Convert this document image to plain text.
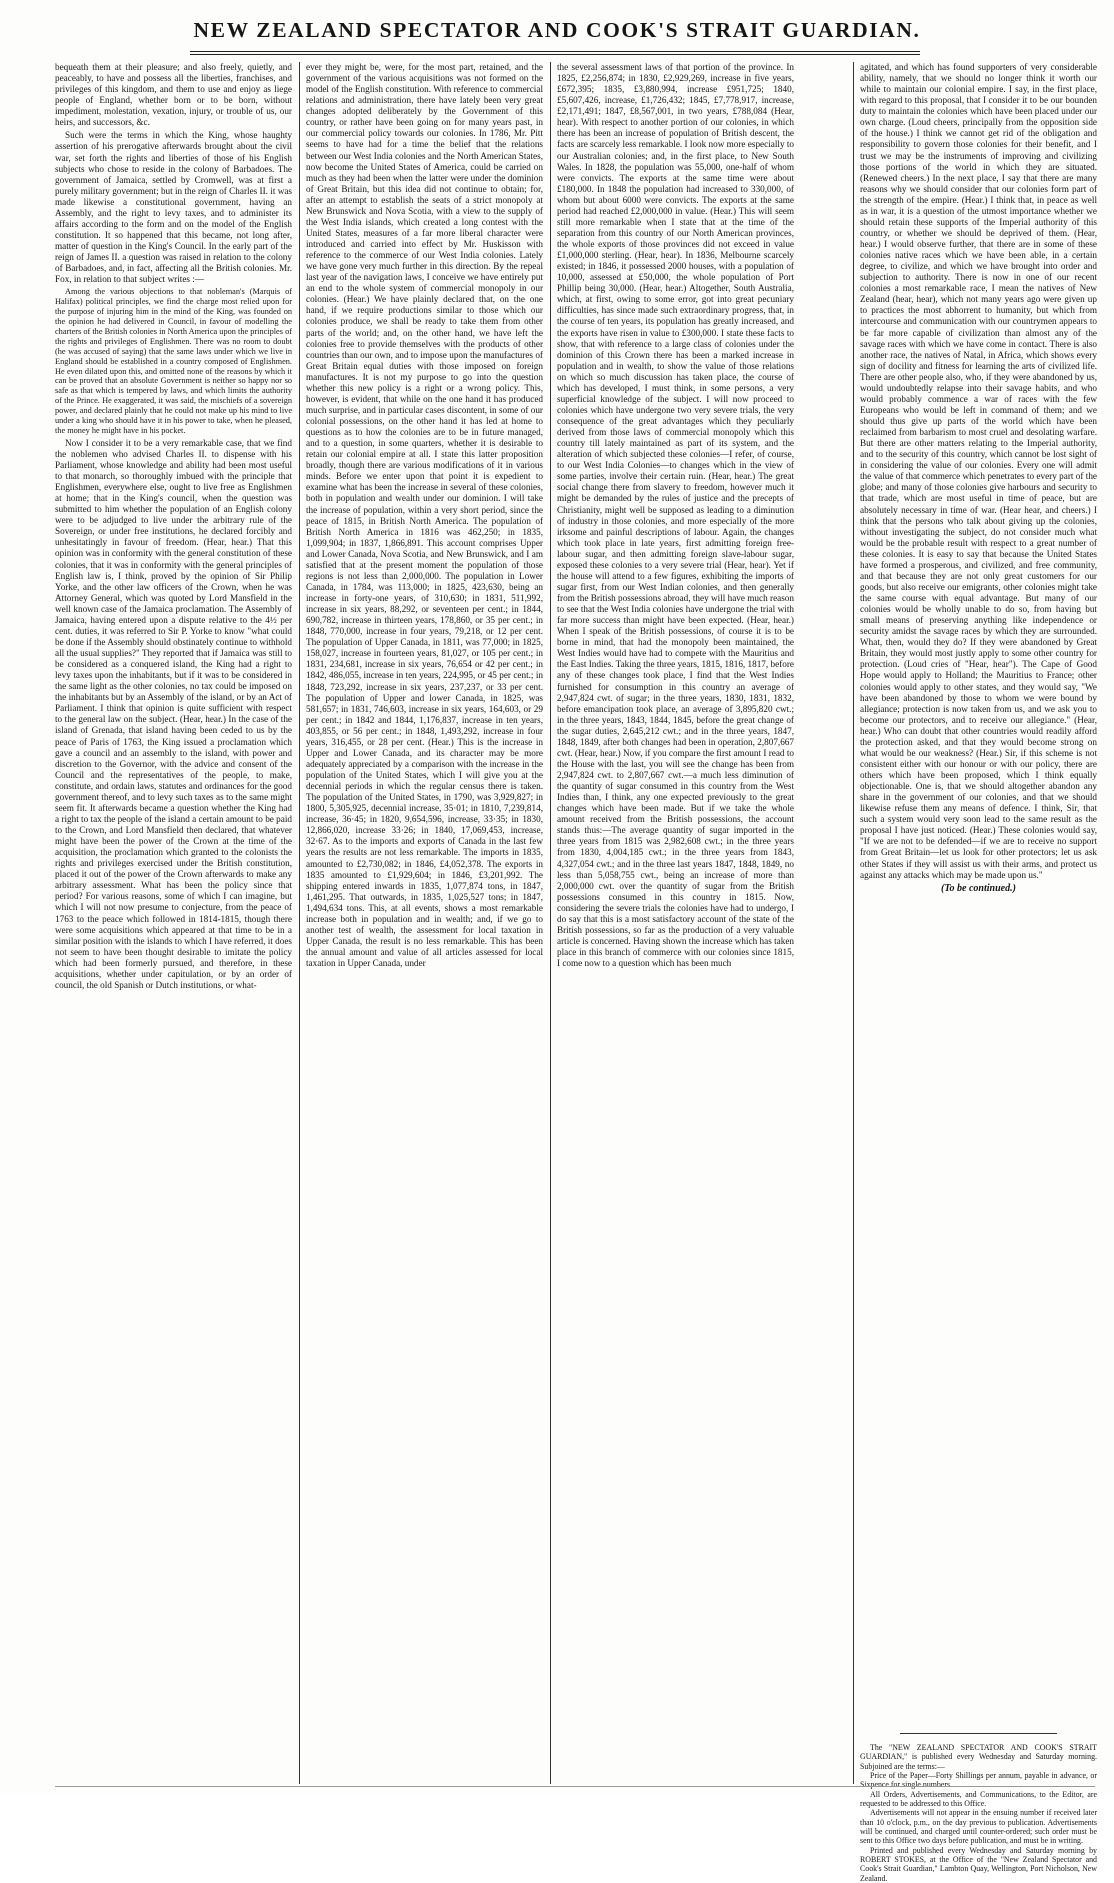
NEW ZEALAND SPECTATOR AND COOK'S STRAIT GUARDIAN.

bequeath them at their pleasure; and also freely, quietly, and peaceably, to have and possess all the liberties, franchises, and privileges of this kingdom, and them to use and enjoy as liege people of England, whether born or to be born, without impediment, molestation, vexation, injury, or trouble of us, our heirs, and successors, &c.

Such were the terms in which the King, whose haughty assertion of his prerogative afterwards brought about the civil war, set forth the rights and liberties of those of his English subjects who chose to reside in the colony of Barbadoes. The government of Jamaica, settled by Cromwell, was at first a purely military government; but in the reign of Charles II. it was made likewise a constitutional government, having an Assembly, and the right to levy taxes, and to administer its affairs according to the form and on the model of the English constitution. It so happened that this became, not long after, matter of question in the King's Council. In the early part of the reign of James II. a question was raised in relation to the colony of Barbadoes, and, in fact, affecting all the British colonies. Mr. Fox, in relation to that subject writes :—

Among the various objections to that nobleman's (Marquis of Halifax) political principles, we find the charge most relied upon for the purpose of injuring him in the mind of the King, was founded on the opinion he had delivered in Council, in favour of modelling the charters of the British colonies in North America upon the principles of the rights and privileges of Englishmen. There was no room to doubt (he was accused of saying) that the same laws under which we live in England should be established in a country composed of Englishmen. He even dilated upon this, and omitted none of the reasons by which it can be proved that an absolute Government is neither so happy nor so safe as that which is tempered by laws, and which limits the authority of the Prince. He exaggerated, it was said, the mischiefs of a sovereign power, and declared plainly that he could not make up his mind to live under a king who should have it in his power to take, when he pleased, the money he might have in his pocket.

Now I consider it to be a very remarkable case, that we find the noblemen who advised Charles II. to dispense with his Parliament, whose knowledge and ability had been most useful to that monarch, so thoroughly imbued with the principle that Englishmen, everywhere else, ought to live free as Englishmen at home; that in the King's council, when the question was submitted to him whether the population of an English colony were to be adjudged to live under the arbitrary rule of the Sovereign, or under free institutions, he declared forcibly and unhesitatingly in favour of freedom. (Hear, hear.) That this opinion was in conformity with the general constitution of these colonies, that it was in conformity with the general principles of English law is, I think, proved by the opinion of Sir Philip Yorke, and the other law officers of the Crown, when he was Attorney General, which was quoted by Lord Mansfield in the well known case of the Jamaica proclamation. The Assembly of Jamaica, having entered upon a dispute relative to the 4½ per cent. duties, it was referred to Sir P. Yorke to know "what could be done if the Assembly should obstinately continue to withhold all the usual supplies?" They reported that if Jamaica was still to be considered as a conquered island, the King had a right to levy taxes upon the inhabitants, but if it was to be considered in the same light as the other colonies, no tax could be imposed on the inhabitants but by an Assembly of the island, or by an Act of Parliament. I think that opinion is quite sufficient with respect to the general law on the subject. (Hear, hear.) In the case of the island of Grenada, that island having been ceded to us by the peace of Paris of 1763, the King issued a proclamation which gave a council and an assembly to the island, with power and discretion to the Governor, with the advice and consent of the Council and the representatives of the people, to make, constitute, and ordain laws, statutes and ordinances for the good government thereof, and to levy such taxes as to the same might seem fit. It afterwards became a question whether the King had a right to tax the people of the island a certain amount to be paid to the Crown, and Lord Mansfield then declared, that whatever might have been the power of the Crown at the time of the acquisition, the proclamation which granted to the colonists the rights and privileges exercised under the British constitution, placed it out of the power of the Crown afterwards to make any arbitrary assessment. What has been the policy since that period? For various reasons, some of which I can imagine, but which I will not now presume to conjecture, from the peace of 1763 to the peace which followed in 1814-1815, though there were some acquisitions which appeared at that time to be in a similar position with the islands to which I have referred, it does not seem to have been thought desirable to imitate the policy which had been formerly pursued, and therefore, in these acquisitions, whether under capitulation, or by an order of council, the old Spanish or Dutch institutions, or what-

ever they might be, were, for the most part, retained, and the government of the various acquisitions was not formed on the model of the English constitution. With reference to commercial relations and administration, there have lately been very great changes adopted deliberately by the Government of this country, or rather have been going on for many years past, in our commercial policy towards our colonies. In 1786, Mr. Pitt seems to have had for a time the belief that the relations between our West India colonies and the North American States, now become the United States of America, could be carried on much as they had been when the latter were under the dominion of Great Britain, but this idea did not continue to obtain; for, after an attempt to establish the seats of a strict monopoly at New Brunswick and Nova Scotia, with a view to the supply of the West India islands, which created a long contest with the United States, measures of a far more liberal character were introduced and carried into effect by Mr. Huskisson with reference to the commerce of our West India colonies. Lately we have gone very much further in this direction. By the repeal last year of the navigation laws, I conceive we have entirely put an end to the whole system of commercial monopoly in our colonies. (Hear.) We have plainly declared that, on the one hand, if we require productions similar to those which our colonies produce, we shall be ready to take them from other parts of the world; and, on the other hand, we have left the colonies free to provide themselves with the products of other countries than our own, and to impose upon the manufactures of Great Britain equal duties with those imposed on foreign manufactures. It is not my purpose to go into the question whether this new policy is a right or a wrong policy. This, however, is evident, that while on the one hand it has produced much surprise, and in particular cases discontent, in some of our colonial possessions, on the other hand it has led at home to questions as to how the colonies are to be in future managed, and to a question, in some quarters, whether it is desirable to retain our colonial empire at all. I state this latter proposition broadly, though there are various modifications of it in various minds. Before we enter upon that point it is expedient to examine what has been the increase in several of these colonies, both in population and wealth under our dominion. I will take the increase of population, within a very short period, since the peace of 1815, in British North America. The population of British North America in 1816 was 462,250; in 1835, 1,099,904; in 1837, 1,866,891. This account comprises Upper and Lower Canada, Nova Scotia, and New Brunswick, and I am satisfied that at the present moment the population of those regions is not less than 2,000,000. The population in Lower Canada, in 1784, was 113,000; in 1825, 423,630, being an increase in forty-one years, of 310,630; in 1831, 511,992, increase in six years, 88,292, or seventeen per cent.; in 1844, 690,782, increase in thirteen years, 178,860, or 35 per cent.; in 1848, 770,000, increase in four years, 79,218, or 12 per cent. The population of Upper Canada, in 1811, was 77,000; in 1825, 158,027, increase in fourteen years, 81,027, or 105 per cent.; in 1831, 234,681, increase in six years, 76,654 or 42 per cent.; in 1842, 486,055, increase in ten years, 224,995, or 45 per cent.; in 1848, 723,292, increase in six years, 237,237, or 33 per cent. The population of Upper and lower Canada, in 1825, was 581,657; in 1831, 746,603, increase in six years, 164,603, or 29 per cent.; in 1842 and 1844, 1,176,837, increase in ten years, 403,855, or 56 per cent.; in 1848, 1,493,292, increase in four years, 316,455, or 28 per cent. (Hear.) This is the increase in Upper and Lower Canada, and its character may be more adequately appreciated by a comparison with the increase in the population of the United States, which I will give you at the decennial periods in which the regular census there is taken. The population of the United States, in 1790, was 3,929,827; in 1800, 5,305,925, decennial increase, 35·01; in 1810, 7,239,814, increase, 36·45; in 1820, 9,654,596, increase, 33·35; in 1830, 12,866,020, increase 33·26; in 1840, 17,069,453, increase, 32·67. As to the imports and exports of Canada in the last few years the results are not less remarkable. The imports in 1835, amounted to £2,730,082; in 1846, £4,052,378. The exports in 1835 amounted to £1,929,604; in 1846, £3,201,992. The shipping entered inwards in 1835, 1,077,874 tons, in 1847, 1,461,295. That outwards, in 1835, 1,025,527 tons; in 1847, 1,494,634 tons. This, at all events, shows a most remarkable increase both in population and in wealth; and, if we go to another test of wealth, the assessment for local taxation in Upper Canada, the result is no less remarkable. This has been the annual amount and value of all articles assessed for local taxation in Upper Canada, under

the several assessment laws of that portion of the province. In 1825, £2,256,874; in 1830, £2,929,269, increase in five years, £672,395; 1835, £3,880,994, increase £951,725; 1840, £5,607,426, increase, £1,726,432; 1845, £7,778,917, increase, £2,171,491; 1847, £8,567,001, in two years, £788,084 (Hear, hear). With respect to another portion of our colonies, in which there has been an increase of population of British descent, the facts are scarcely less remarkable. I look now more especially to our Australian colonies; and, in the first place, to New South Wales. In 1828, the population was 55,000, one-half of whom were convicts. The exports at the same time were about £180,000. In 1848 the population had increased to 330,000, of whom but about 6000 were convicts. The exports at the same period had reached £2,000,000 in value. (Hear.) This will seem still more remarkable when I state that at the time of the separation from this country of our North American provinces, the whole exports of those provinces did not exceed in value £1,000,000 sterling. (Hear, hear). In 1836, Melbourne scarcely existed; in 1846, it possessed 2000 houses, with a population of 10,000, assessed at £50,000, the whole population of Port Phillip being 30,000. (Hear, hear.) Altogether, South Australia, which, at first, owing to some error, got into great pecuniary difficulties, has since made such extraordinary progress, that, in the course of ten years, its population has greatly increased, and the exports have risen in value to £300,000. I state these facts to show, that with reference to a large class of colonies under the dominion of this Crown there has been a marked increase in population and in wealth, to show the value of those relations on which so much discussion has taken place, the course of which has developed, I must think, in some persons, a very superficial knowledge of the subject. I will now proceed to colonies which have undergone two very severe trials, the very consequence of the great advantages which they peculiarly derived from those laws of commercial monopoly which this country till lately maintained as part of its system, and the alteration of which subjected these colonies—I refer, of course, to our West India Colonies—to changes which in the view of some parties, involve their certain ruin. (Hear, hear.) The great social change there from slavery to freedom, however much it might be demanded by the rules of justice and the precepts of Christianity, might well be supposed as leading to a diminution of industry in those colonies, and more especially of the more irksome and painful descriptions of labour. Again, the changes which took place in late years, first admitting foreign free-labour sugar, and then admitting foreign slave-labour sugar, exposed these colonies to a very severe trial (Hear, hear). Yet if the house will attend to a few figures, exhibiting the imports of sugar first, from our West Indian colonies, and then generally from the British possessions abroad, they will have much reason to see that the West India colonies have undergone the trial with far more success than might have been expected. (Hear, hear.) When I speak of the British possessions, of course it is to be borne in mind, that had the monopoly been maintained, the West Indies would have had to compete with the Mauritius and the East Indies. Taking the three years, 1815, 1816, 1817, before any of these changes took place, I find that the West Indies furnished for consumption in this country an average of 2,947,824 cwt. of sugar; in the three years, 1830, 1831, 1832, before emancipation took place, an average of 3,895,820 cwt.; in the three years, 1843, 1844, 1845, before the great change of the sugar duties, 2,645,212 cwt.; and in the three years, 1847, 1848, 1849, after both changes had been in operation, 2,807,667 cwt. (Hear, hear.) Now, if you compare the first amount I read to the House with the last, you will see the change has been from 2,947,824 cwt. to 2,807,667 cwt.—a much less diminution of the quantity of sugar consumed in this country from the West Indies than, I think, any one expected previously to the great changes which have been made. But if we take the whole amount received from the British possessions, the account stands thus:—The average quantity of sugar imported in the three years from 1815 was 2,982,608 cwt.; in the three years from 1830, 4,004,185 cwt.; in the three years from 1843, 4,327,054 cwt.; and in the three last years 1847, 1848, 1849, no less than 5,058,755 cwt., being an increase of more than 2,000,000 cwt. over the quantity of sugar from the British possessions consumed in this country in 1815. Now, considering the severe trials the colonies have had to undergo, I do say that this is a most satisfactory account of the state of the British possessions, so far as the production of a very valuable article is concerned. Having shown the increase which has taken place in this branch of commerce with our colonies since 1815, I come now to a question which has been much

agitated, and which has found supporters of very considerable ability, namely, that we should no longer think it worth our while to maintain our colonial empire. I say, in the first place, with regard to this proposal, that I consider it to be our bounden duty to maintain the colonies which have been placed under our own charge. (Loud cheers, principally from the opposition side of the house.) I think we cannot get rid of the obligation and responsibility to govern those colonies for their benefit, and I trust we may be the instruments of improving and civilizing those portions of the world in which they are situated. (Renewed cheers.) In the next place, I say that there are many reasons why we should consider that our colonies form part of the strength of the empire. (Hear.) I think that, in peace as well as in war, it is a question of the utmost importance whether we should retain these supports of the Imperial authority of this country, or whether we should be deprived of them. (Hear, hear.) I would observe further, that there are in some of these colonies native races which we have been able, in a certain degree, to civilize, and which we have brought into order and subjection to authority. There is now in one of our recent colonies a most remarkable race, I mean the natives of New Zealand (hear, hear), which not many years ago were given up to practices the most abhorrent to humanity, but which from intercourse and communication with our countrymen appears to be far more capable of civilization than almost any of the savage races with which we have come in contact. There is also another race, the natives of Natal, in Africa, which shows every sign of docility and fitness for learning the arts of civilized life. There are other people also, who, if they were abandoned by us, would undoubtedly relapse into their savage habits, and who would probably commence a war of races with the few Europeans who would be left in command of them; and we should thus give up parts of the world which have been reclaimed from barbarism to most cruel and desolating warfare. But there are other matters relating to the Imperial authority, and to the security of this country, which cannot be lost sight of in considering the value of our colonies. Every one will admit the value of that commerce which penetrates to every part of the globe; and many of those colonies give harbours and security to that trade, which are most useful in time of peace, but are absolutely necessary in time of war. (Hear hear, and cheers.) I think that the persons who talk about giving up the colonies, without investigating the subject, do not consider much what would be the probable result with respect to a great number of these colonies. It is easy to say that because the United States have formed a prosperous, and civilized, and free community, and that because they are not only great customers for our goods, but also receive our emigrants, other colonies might take the same course with equal advantage. But many of our colonies would be wholly unable to do so, from having but small means of preserving anything like independence or security amidst the savage races by which they are surrounded. What, then, would they do? If they were abandoned by Great Britain, they would most justly apply to some other country for protection. (Loud cries of "Hear, hear"). The Cape of Good Hope would apply to Holland; the Mauritius to France; other colonies would apply to other states, and they would say, "We have been abandoned by those to whom we were bound by allegiance; protection is now taken from us, and we ask you to become our protectors, and to receive our allegiance." (Hear, hear.) Who can doubt that other countries would readily afford the protection asked, and that they would become strong on what would be our weakness? (Hear.) Sir, if this scheme is not consistent either with our honour or with our policy, there are others which have been proposed, which I think equally objectionable. One is, that we should altogether abandon any share in the government of our colonies, and that we should likewise refuse them any means of defence. I think, Sir, that such a system would very soon lead to the same result as the proposal I have just noticed. (Hear.) These colonies would say, "If we are not to be defended—if we are to receive no support from Great Britain—let us look for other protectors; let us ask other States if they will assist us with their arms, and protect us against any attacks which may be made upon us."

(To be continued.)

The "NEW ZEALAND SPECTATOR AND COOK'S STRAIT GUARDIAN," is published every Wednesday and Saturday morning. Subjoined are the terms:—

Price of the Paper—Forty Shillings per annum, payable in advance, or Sixpence for single numbers.

All Orders, Advertisements, and Communications, to the Editor, are requested to be addressed to this Office.

Advertisements will not appear in the ensuing number if received later than 10 o'clock, p.m., on the day previous to publication. Advertisements will be continued, and charged until counter-ordered; such order must be sent to this Office two days before publication, and must be in writing.

Printed and published every Wednesday and Saturday morning by ROBERT STOKES, at the Office of the "New Zealand Spectator and Cook's Strait Guardian," Lambton Quay, Wellington, Port Nicholson, New Zealand.
